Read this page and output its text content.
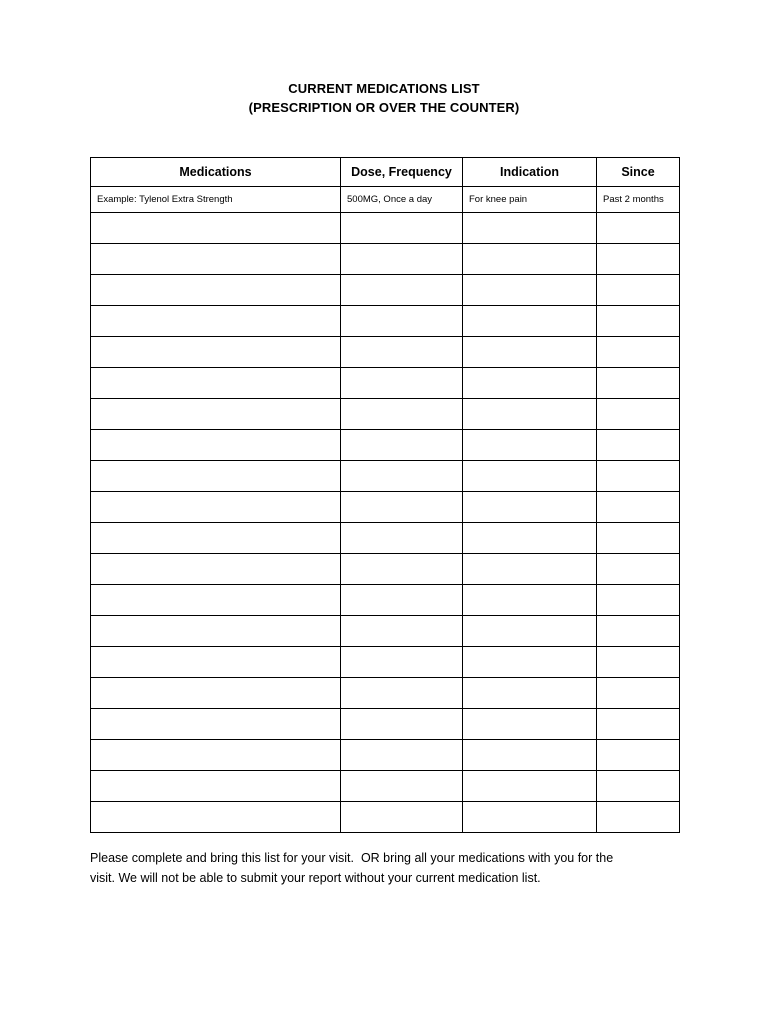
CURRENT MEDICATIONS LIST
(PRESCRIPTION OR OVER THE COUNTER)
Medications	Dose, Frequency	Indication	Since
Example: Tylenol Extra Strength	500MG, Once a day	For knee pain	Past 2 months

Please complete and bring this list for your visit.  OR bring all your medications with you for the
visit. We will not be able to submit your report without your current medication list.
